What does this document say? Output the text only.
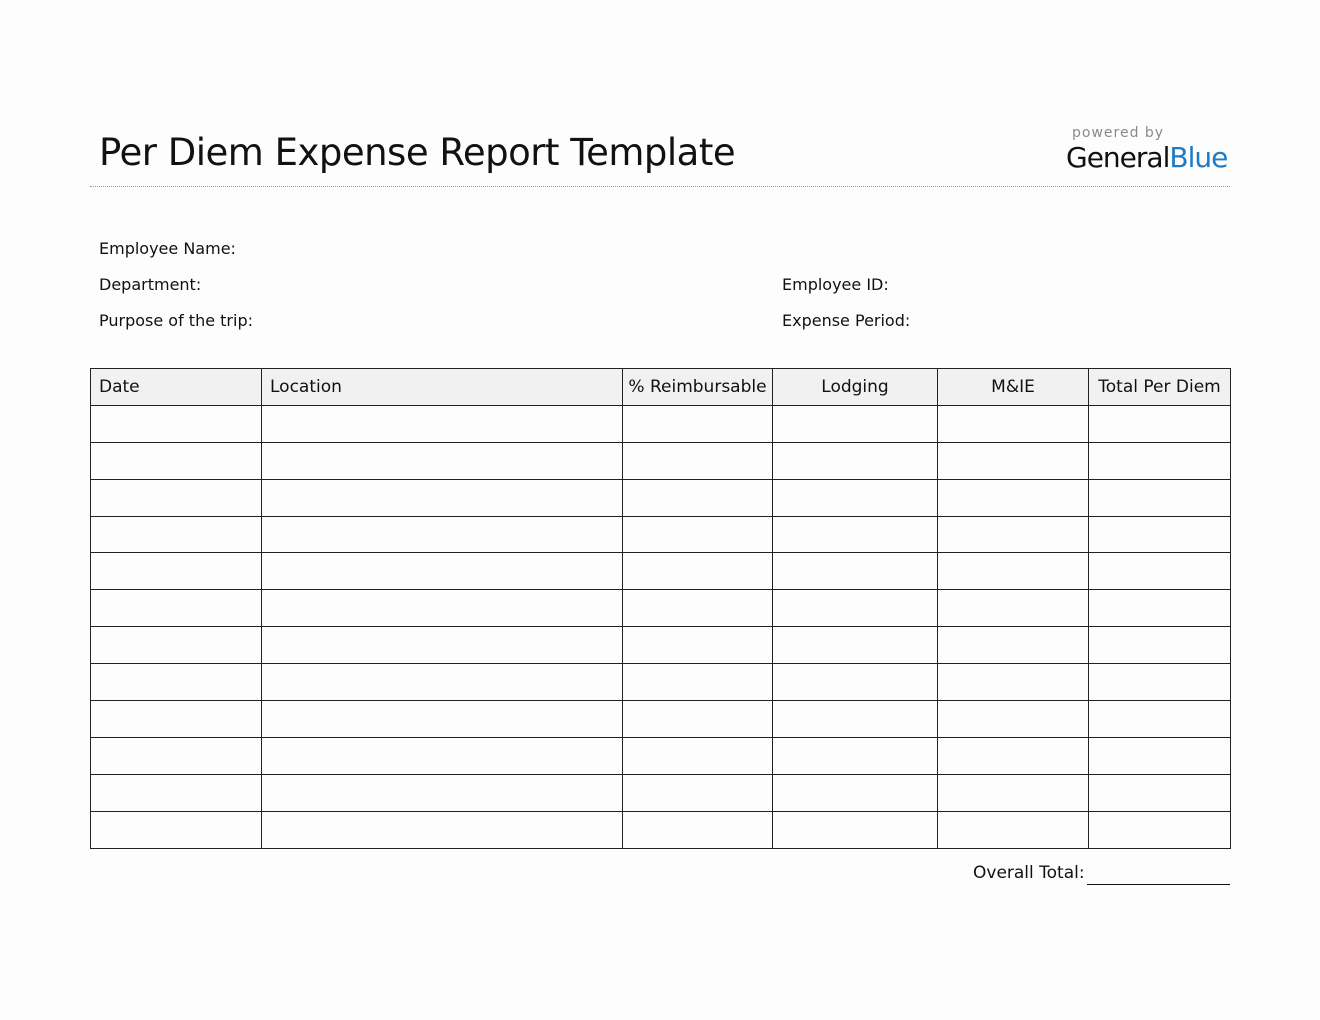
Per Diem Expense Report Template	powered by
GeneralBlue
Employee Name:
Department:
Purpose of the trip:
Employee ID:
Expense Period:
Date	Location	% Reimbursable	Lodging	M&IE	Total Per Diem

Overall Total:
